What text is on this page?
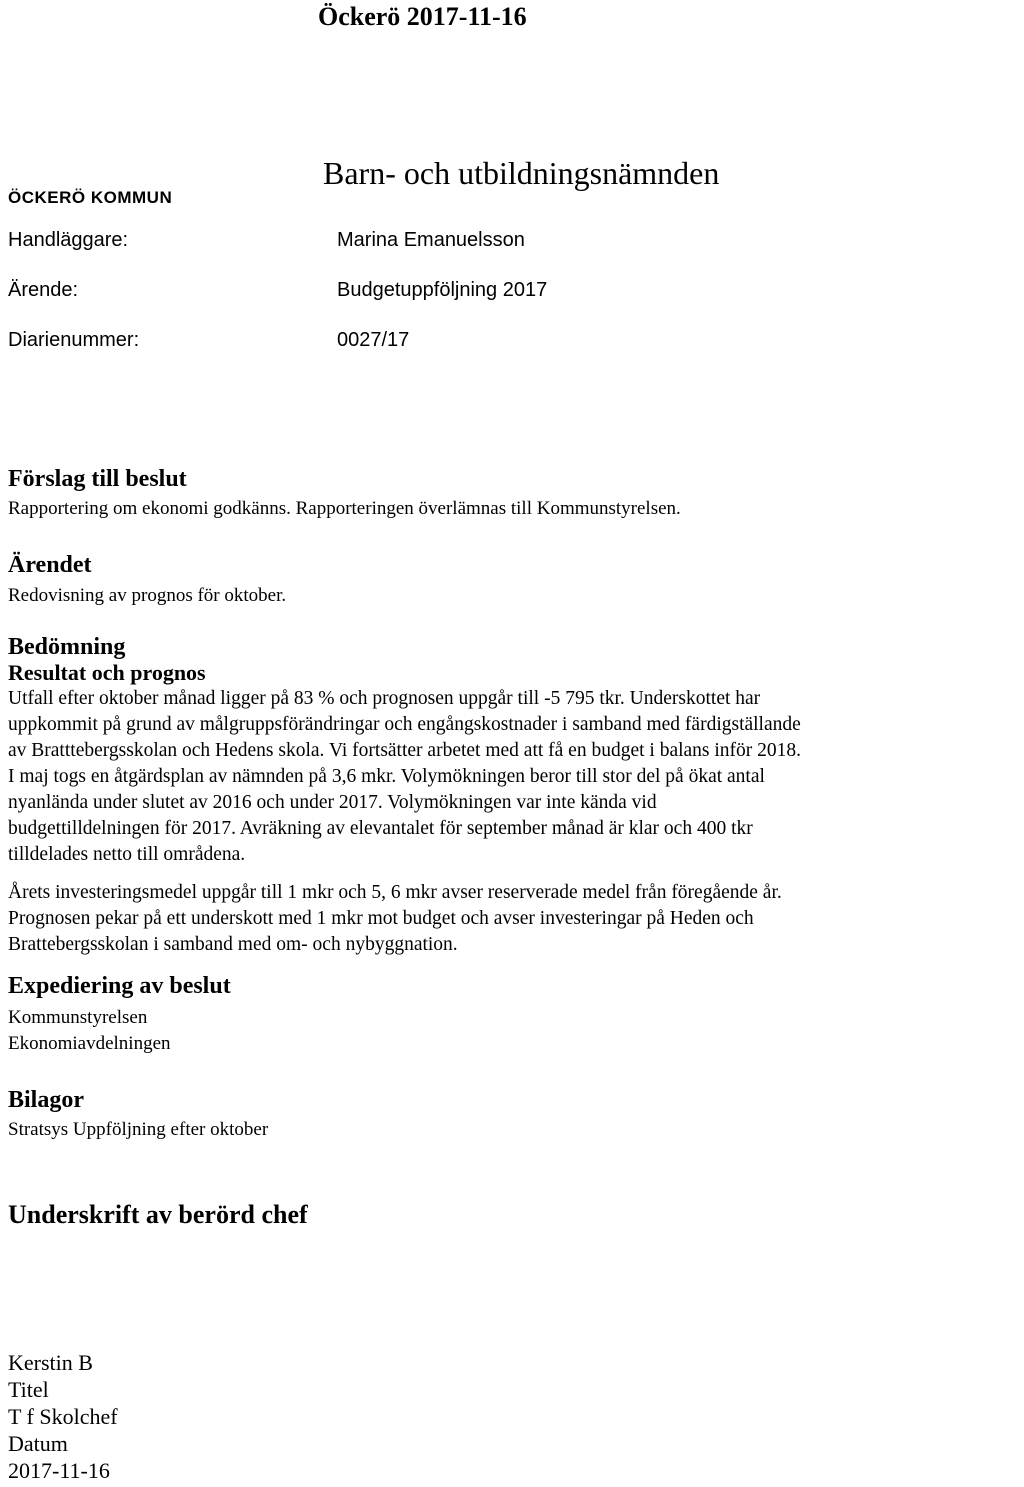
Öckerö 2017-11-16
Barn- och utbildningsnämnden
ÖCKERÖ KOMMUN
Handläggare:	Marina Emanuelsson
Ärende:	Budgetuppföljning 2017
Diarienummer:	0027/17
Förslag till beslut
Rapportering om ekonomi godkänns. Rapporteringen överlämnas till Kommunstyrelsen.
Ärendet
Redovisning av prognos för oktober.
Bedömning
Resultat och prognos
Utfall efter oktober månad ligger på 83 % och prognosen uppgår till -5 795 tkr. Underskottet har
uppkommit på grund av målgruppsförändringar och engångskostnader i samband med färdigställande
av Bratttebergsskolan och Hedens skola. Vi fortsätter arbetet med att få en budget i balans inför 2018.
I maj togs en åtgärdsplan av nämnden på 3,6 mkr. Volymökningen beror till stor del på ökat antal
nyanlända under slutet av 2016 och under 2017. Volymökningen var inte kända vid
budgettilldelningen för 2017. Avräkning av elevantalet för september månad är klar och 400 tkr
tilldelades netto till områdena.
Årets investeringsmedel uppgår till 1 mkr och 5, 6 mkr avser reserverade medel från föregående år.
Prognosen pekar på ett underskott med 1 mkr mot budget och avser investeringar på Heden och
Brattebergsskolan i samband med om- och nybyggnation.
Expediering av beslut
Kommunstyrelsen
Ekonomiavdelningen
Bilagor
Stratsys Uppföljning efter oktober
Underskrift av berörd chef
Kerstin B
Titel
T f Skolchef
Datum
2017-11-16
